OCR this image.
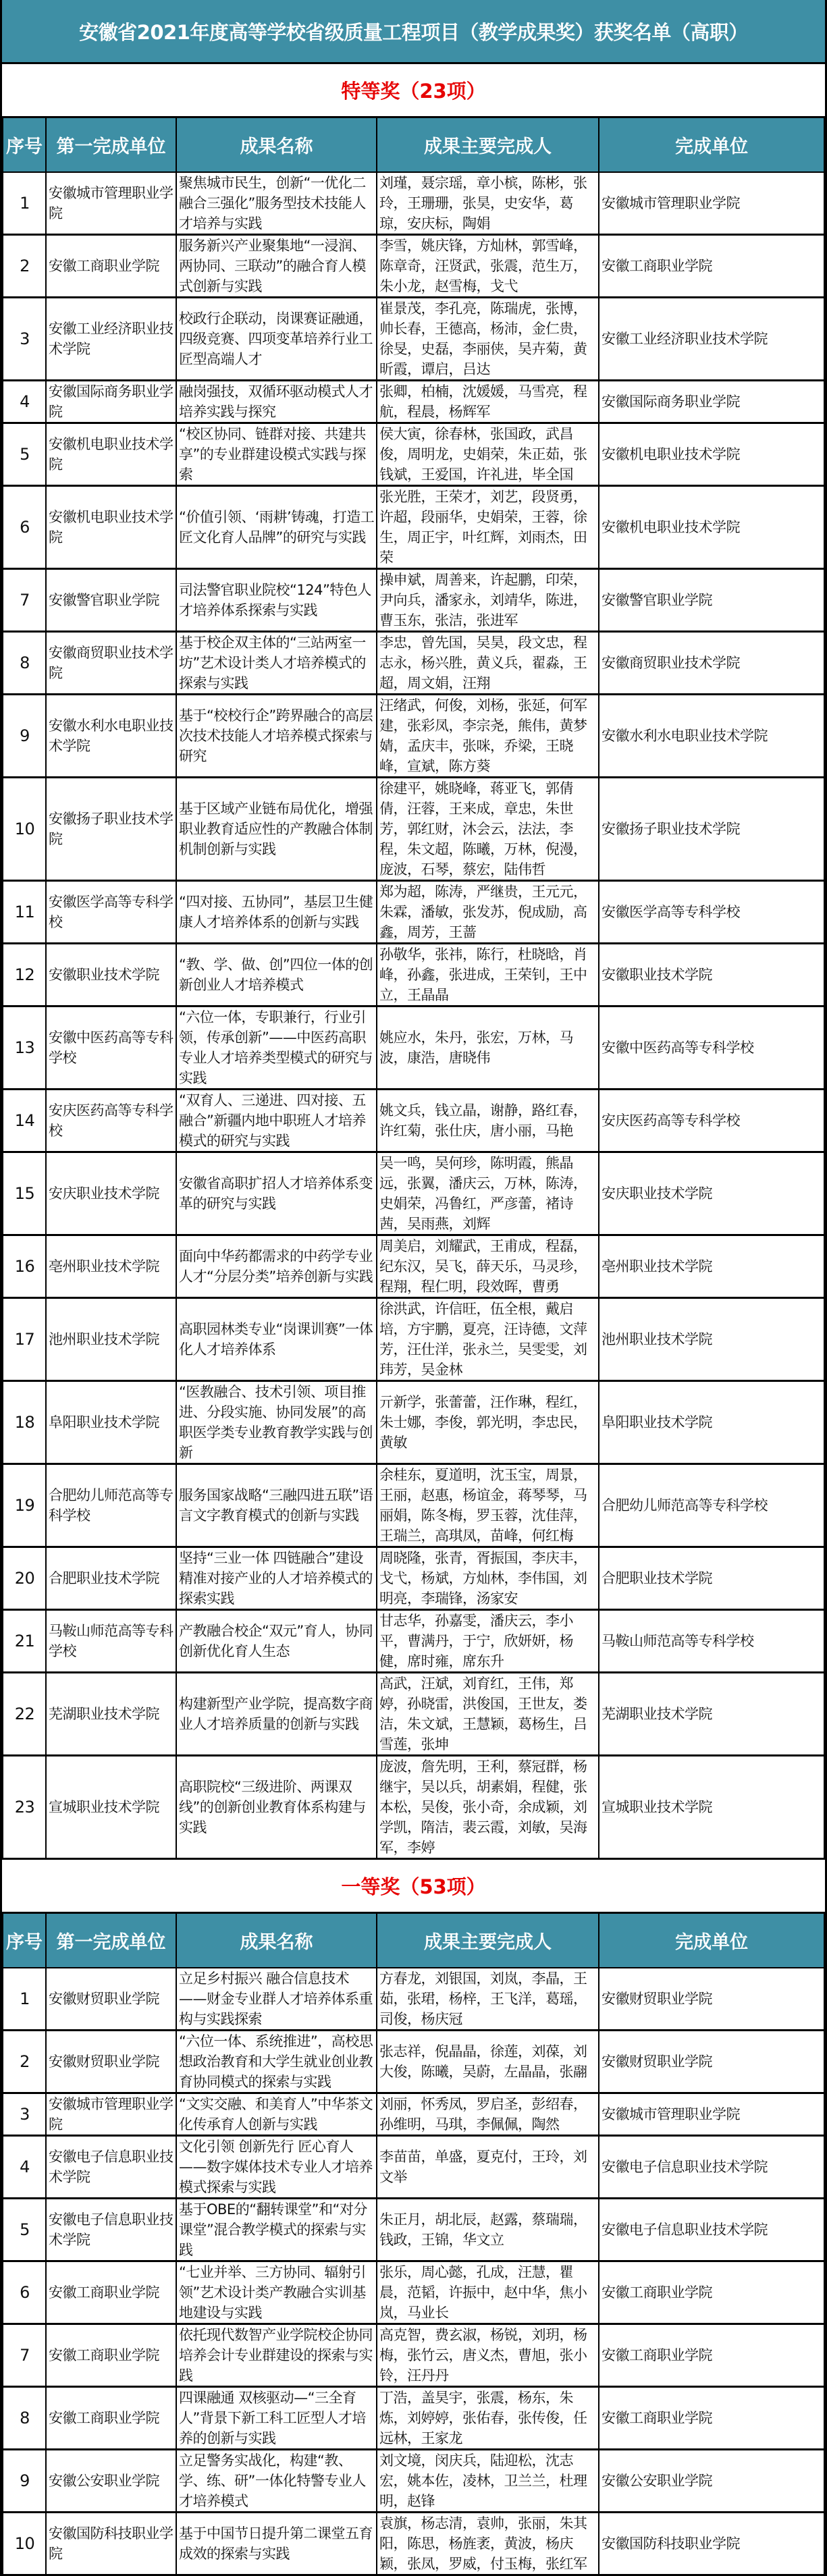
安徽省2021年度高等学校省级质量工程项目（教学成果奖）获奖名单（高职）
特等奖（23项）
序号	第一完成单位	成果名称	成果主要完成人	完成单位
1	安徽城市管理职业学院	聚焦城市民生，创新“一优化二融合三强化”服务型技术技能人才培养与实践	刘瑾，聂宗瑶，章小槟，陈彬，张玲，王珊珊，张昊，史安华，葛琼，安庆标，陶娟	安徽城市管理职业学院
2	安徽工商职业学院	服务新兴产业聚集地“一浸润、两协同、三联动”的融合育人模式创新与实践	李雪，姚庆锋，方灿林，郭雪峰，陈章奇，汪贤武，张震，范生万，朱小龙，赵雪梅，戈弋	安徽工商职业学院
3	安徽工业经济职业技术学院	校政行企联动，岗课赛证融通，四级竞赛、四项变革培养行业工匠型高端人才	崔景茂，李孔亮，陈瑞虎，张博，帅长春，王德高，杨沛，金仁贵，徐旻，史磊，李丽侠，吴卉菊，黄昕霞，谭启，吕达	安徽工业经济职业技术学院
4	安徽国际商务职业学院	融岗强技，双循环驱动模式人才培养实践与探究	张卿，柏楠，沈媛媛，马雪亮，程航，程晨，杨辉军	安徽国际商务职业学院
5	安徽机电职业技术学院	“校区协同、链群对接、共建共享”的专业群建设模式实践与探索	侯大寅，徐春林，张国政，武昌俊，周明龙，史娟荣，朱正茹，张钱斌，王爱国，许礼进，毕全国	安徽机电职业技术学院
6	安徽机电职业技术学院	“价值引领、‘雨耕’铸魂，打造工匠文化育人品牌”的研究与实践	张光胜，王荣才，刘艺，段贤勇，许超，段丽华，史娟荣，王蓉，徐生，周正宇，叶红辉，刘雨杰，田荣	安徽机电职业技术学院
7	安徽警官职业学院	司法警官职业院校“124”特色人才培养体系探索与实践	操申斌，周善来，许起鹏，印荣，尹向兵，潘家永，刘靖华，陈进，曹玉东，张洁，张进军	安徽警官职业学院
8	安徽商贸职业技术学院	基于校企双主体的“三站两室一坊”艺术设计类人才培养模式的探索与实践	李忠，曾先国，吴昊，段文忠，程志永，杨兴胜，黄义兵，翟淼，王超，周文娟，汪翔	安徽商贸职业技术学院
9	安徽水利水电职业技术学院	基于“校校行企”跨界融合的高层次技术技能人才培养模式探索与研究	汪绪武，何俊，刘杨，张延，何军建，张彩凤，李宗尧，熊伟，黄梦婧，孟庆丰，张咪，乔梁，王晓峰，宣斌，陈方葵	安徽水利水电职业技术学院
10	安徽扬子职业技术学院	基于区域产业链布局优化，增强职业教育适应性的产教融合体制机制创新与实践	徐建平，姚晓峰，蒋亚飞，郭倩倩，汪蓉，王来成，章忠，朱世芳，郭红财，沐会云，法法，李程，朱文超，陈曦，万林，倪漫，庞波，石琴，蔡宏，陆伟哲	安徽扬子职业技术学院
11	安徽医学高等专科学校	“四对接、五协同”，基层卫生健康人才培养体系的创新与实践	郑为超，陈涛，严继贵，王元元，朱霖，潘敏，张发苏，倪成励，高鑫，周芳，王蔷	安徽医学高等专科学校
12	安徽职业技术学院	“教、学、做、创”四位一体的创新创业人才培养模式	孙敬华，张祎，陈行，杜晓晗，肖峰，孙鑫，张进成，王荣钊，王中立，王晶晶	安徽职业技术学院
13	安徽中医药高等专科学校	“六位一体，专职兼行，行业引领，传承创新”——中医药高职专业人才培养类型模式的研究与实践	姚应水，朱丹，张宏，万林，马波，康浩，唐晓伟	安徽中医药高等专科学校
14	安庆医药高等专科学校	“双育人、三递进、四对接、五融合”新疆内地中职班人才培养模式的研究与实践	姚文兵，钱立晶，谢静，路红春，许红菊，张仕庆，唐小丽，马艳	安庆医药高等专科学校
15	安庆职业技术学院	安徽省高职扩招人才培养体系变革的研究与实践	吴一鸣，吴何珍，陈明霞，熊晶远，张翼，潘庆云，万林，陈涛，史娟荣，冯鲁红，严彦蕾，褚诗茜，吴雨燕，刘辉	安庆职业技术学院
16	亳州职业技术学院	面向中华药都需求的中药学专业人才“分层分类”培养创新与实践	周美启，刘耀武，王甫成，程磊，纪东汉，吴飞，薛天乐，马灵珍，程翔，程仁明，段效晖，曹勇	亳州职业技术学院
17	池州职业技术学院	高职园林类专业“岗课训赛”一体化人才培养体系	徐洪武，许信旺，伍全根，戴启培，方宇鹏，夏亮，汪诗德，文萍芳，汪仕洋，张永兰，吴雯雯，刘玮芳，吴金林	池州职业技术学院
18	阜阳职业技术学院	“医教融合、技术引领、项目推进、分段实施、协同发展”的高职医学类专业教育教学实践与创新	亓新学，张蕾蕾，汪作琳，程红，朱士娜，李俊，郭光明，李忠民，黄敏	阜阳职业技术学院
19	合肥幼儿师范高等专科学校	服务国家战略“三融四进五联”语言文字教育模式的创新与实践	余桂东，夏道明，沈玉宝，周景，王丽，赵惠，杨谊金，蒋琴琴，马丽娟，陈冬梅，罗玉蓉，沈佳萍，王瑞兰，高琪凤，苗峰，何红梅	合肥幼儿师范高等专科学校
20	合肥职业技术学院	坚持“三业一体 四链融合”建设精准对接产业的人才培养模式的探索实践	周晓隆，张青，胥振国，李庆丰，戈弋，杨斌，方灿林，李伟国，刘明亮，李瑞锋，汤家安	合肥职业技术学院
21	马鞍山师范高等专科学校	产教融合校企“双元”育人，协同创新优化育人生态	甘志华，孙嘉雯，潘庆云，李小平，曹满丹，于宁，欣妍妍，杨健，席时雍，席东升	马鞍山师范高等专科学校
22	芜湖职业技术学院	构建新型产业学院，提高数字商业人才培养质量的创新与实践	高武，汪斌，刘育红，王伟，郑婷，孙晓雷，洪俊国，王世友，娄洁，朱文斌，王慧颖，葛杨生，吕雪莲，张坤	芜湖职业技术学院
23	宣城职业技术学院	高职院校“三级进阶、两课双线”的创新创业教育体系构建与实践	庞波，詹先明，王利，蔡冠群，杨继宇，吴以兵，胡素娟，程健，张本松，吴俊，张小奇，余成颖，刘学凯，隋洁，裴云霞，刘敏，吴海军，李婷	宣城职业技术学院
一等奖（53项）
序号	第一完成单位	成果名称	成果主要完成人	完成单位
1	安徽财贸职业学院	立足乡村振兴 融合信息技术——财金专业群人才培养体系重构与实践探索	方春龙，刘银国，刘岚，李晶，王茹，张珺，杨梓，王飞洋，葛瑶，司俊，杨庆冠	安徽财贸职业学院
2	安徽财贸职业学院	“六位一体、系统推进”，高校思想政治教育和大学生就业创业教育协同模式的探索与实践	张志祥，倪晶晶，徐莲，刘葆，刘大俊，陈曦，吴蔚，左晶晶，张翮	安徽财贸职业学院
3	安徽城市管理职业学院	“文实交融、和美育人”中华茶文化传承育人创新与实践	刘丽，怀秀凤，罗启圣，彭绍春，孙维明，马琪，李佩佩，陶然	安徽城市管理职业学院
4	安徽电子信息职业技术学院	文化引领 创新先行 匠心育人——数字媒体技术专业人才培养模式探索与实践	李苗苗，单盛，夏克付，王玲，刘文举	安徽电子信息职业技术学院
5	安徽电子信息职业技术学院	基于OBE的“翻转课堂”和“对分课堂”混合教学模式的探索与实践	朱正月，胡北辰，赵露，蔡瑞瑞，钱政，王锦，华文立	安徽电子信息职业技术学院
6	安徽工商职业学院	“七业并举、三方协同、辐射引领”艺术设计类产教融合实训基地建设与实践	张乐，周心懿，孔成，汪慧，瞿晨，范韬，许振中，赵中华，焦小岚，马业长	安徽工商职业学院
7	安徽工商职业学院	依托现代数智产业学院校企协同培养会计专业群建设的探索与实践	高克智，费玄淑，杨锐，刘玥，杨梅，张竹云，唐义杰，曹旭，张小铃，汪丹丹	安徽工商职业学院
8	安徽工商职业学院	四课融通 双核驱动—“三全育人”背景下新工科工匠型人才培养的创新与实践	丁浩，盖昊宇，张震，杨东，朱炼，刘婷婷，张佑春，张传俊，任远林，王家龙	安徽工商职业学院
9	安徽公安职业学院	立足警务实战化，构建“教、学、练、研”一体化特警专业人才培养模式	刘文境，闵庆兵，陆迎松，沈志宏，姚本佐，凌林，卫兰兰，杜理明，赵锋	安徽公安职业学院
10	安徽国防科技职业学院	基于中国节日提升第二课堂五育成效的探索与实践	袁旗，杨志清，袁帅，张丽，朱其阳，陈思，杨旌袤，黄波，杨庆颖，张凤，罗威，付玉梅，张红军	安徽国防科技职业学院
